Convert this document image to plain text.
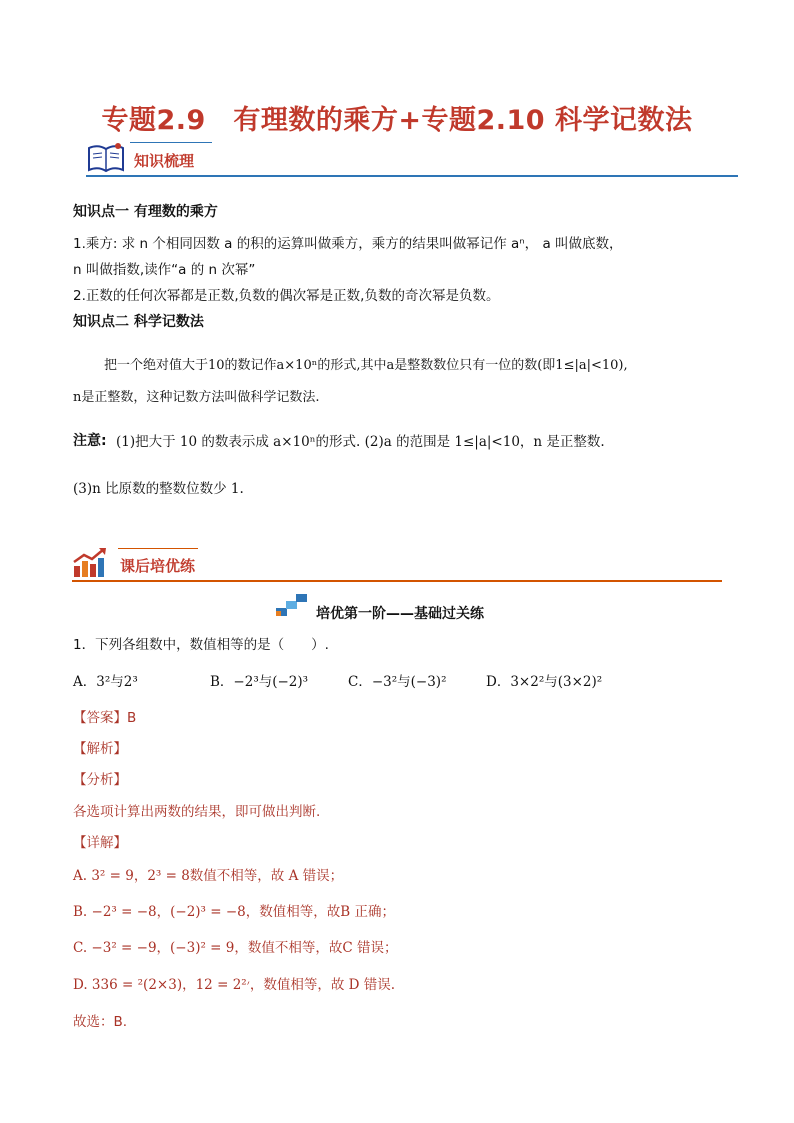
专题2.9　有理数的乘方+专题2.10 科学记数法
知识梳理
知识点一 有理数的乘方
1.乘方: 求 n 个相同因数 a 的积的运算叫做乘方，乘方的结果叫做幂记作 aⁿ， a 叫做底数，
n 叫做指数,读作“a 的 n 次幂”
2.正数的任何次幂都是正数,负数的偶次幂是正数,负数的奇次幂是负数。
知识点二 科学记数法
把一个绝对值大于10的数记作a×10ⁿ的形式,其中a是整数数位只有一位的数(即1≤|a|<10),
n是正整数，这种记数方法叫做科学记数法.
注意: (1)把大于 10 的数表示成 a×10ⁿ的形式. (2)a 的范围是 1≤|a|<10，n 是正整数.
(3)n 比原数的整数位数少 1.
课后培优练
培优第一阶——基础过关练
1．下列各组数中，数值相等的是（　　）.
A．3²与2³	B．−2³与(−2)³	C．−3²与(−3)²	D．3×2²与(3×2)²
【答案】B
【解析】
【分析】
各选项计算出两数的结果，即可做出判断.
【详解】
A. 3² = 9，2³ = 8数值不相等，故 A 错误；
B. −2³ = −8，(−2)³ = −8，数值相等，故B 正确；
C. −3² = −9，(−3)² = 9，数值不相等，故C 错误；
D. 3׳2² = 12，(3×2)² = 36，数值相等，故 D 错误.
故选：B.
